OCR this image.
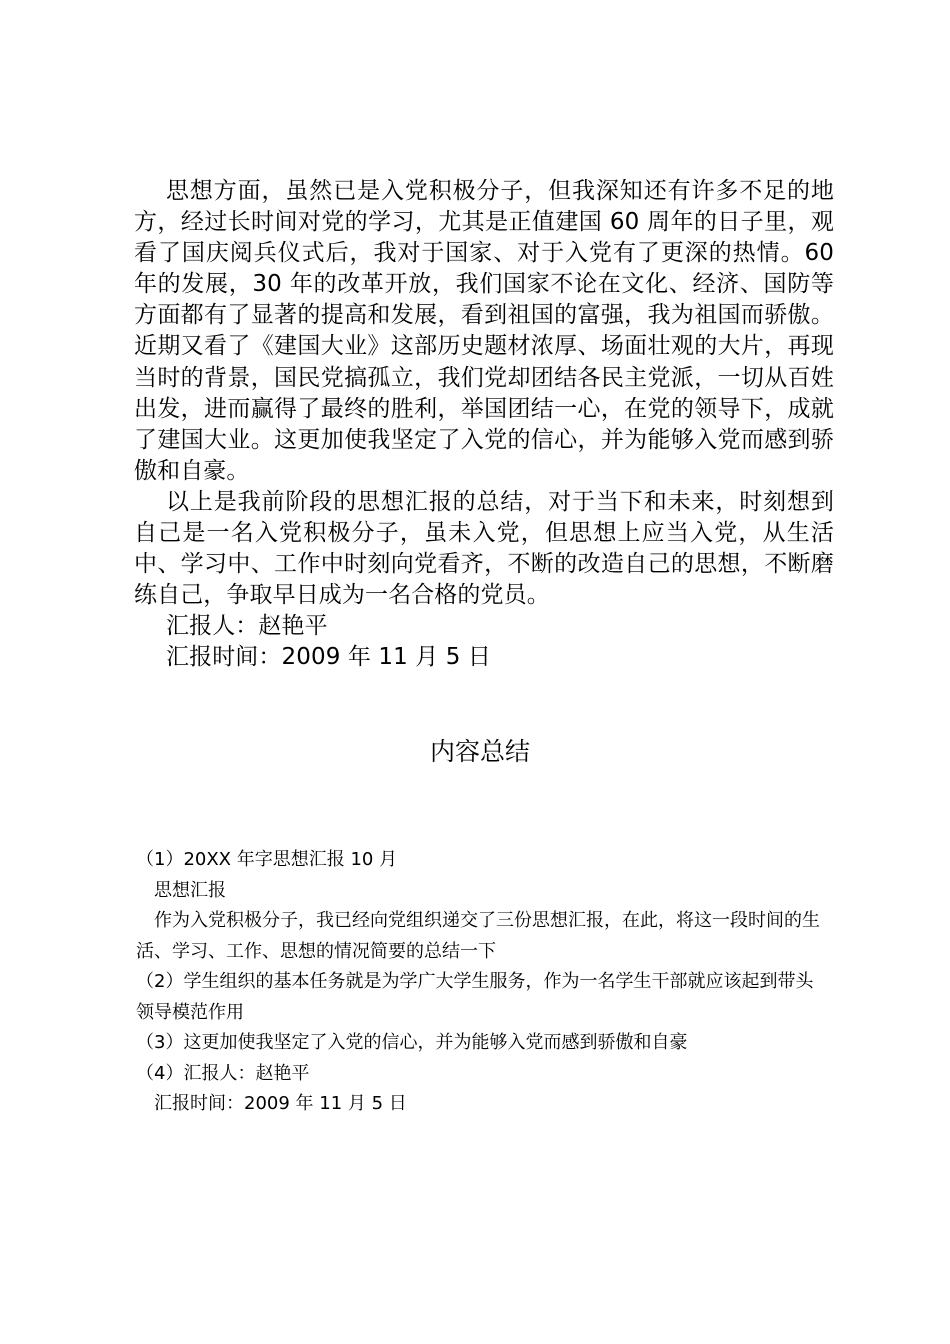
思想方面，虽然已是入党积极分子，但我深知还有许多不足的地方，经过长时间对党的学习，尤其是正值建国 60 周年的日子里，观看了国庆阅兵仪式后，我对于国家、对于入党有了更深的热情。60 年的发展，30 年的改革开放，我们国家不论在文化、经济、国防等方面都有了显著的提高和发展，看到祖国的富强，我为祖国而骄傲。近期又看了《建国大业》这部历史题材浓厚、场面壮观的大片，再现当时的背景，国民党搞孤立，我们党却团结各民主党派，一切从百姓出发，进而赢得了最终的胜利，举国团结一心，在党的领导下，成就了建国大业。这更加使我坚定了入党的信心，并为能够入党而感到骄傲和自豪。

以上是我前阶段的思想汇报的总结，对于当下和未来，时刻想到自己是一名入党积极分子，虽未入党，但思想上应当入党，从生活中、学习中、工作中时刻向党看齐，不断的改造自己的思想，不断磨练自己，争取早日成为一名合格的党员。

汇报人：赵艳平

汇报时间：2009 年 11 月 5 日

内容总结

（1）20XX 年字思想汇报 10 月

思想汇报

作为入党积极分子，我已经向党组织递交了三份思想汇报，在此，将这一段时间的生活、学习、工作、思想的情况简要的总结一下

（2）学生组织的基本任务就是为学广大学生服务，作为一名学生干部就应该起到带头领导模范作用

（3）这更加使我坚定了入党的信心，并为能够入党而感到骄傲和自豪

（4）汇报人：赵艳平

汇报时间：2009 年 11 月 5 日
